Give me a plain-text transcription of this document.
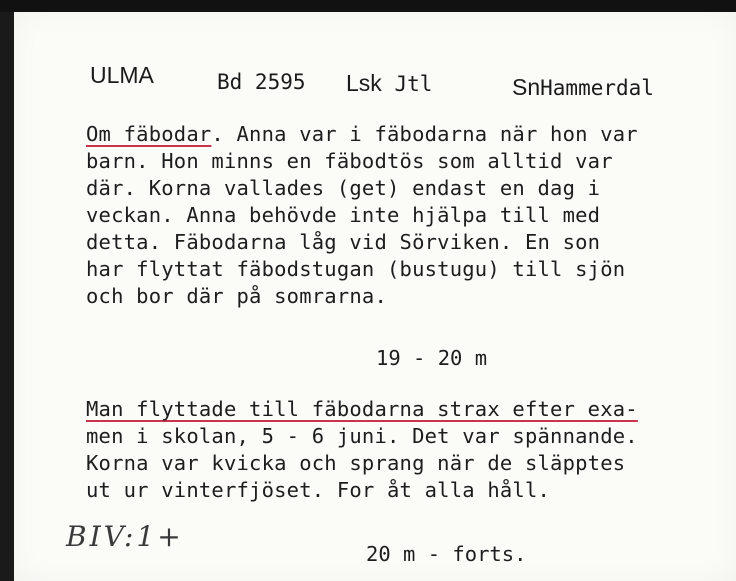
ULMA	Bd 2595 Lsk Jtl	SnHammerdal
Om fäbodar. Anna var i fäbodarna när hon var
barn. Hon minns en fäbodtös som alltid var
där. Korna vallades (get) endast en dag i
veckan. Anna behövde inte hjälpa till med
detta. Fäbodarna låg vid Sörviken. En son
har flyttat fäbodstugan (bustugu) till sjön
och bor där på somrarna.
19 - 20 m
Man flyttade till fäbodarna strax efter exa-
men i skolan, 5 - 6 juni. Det var spännande.
Korna var kvicka och sprang när de släpptes
ut ur vinterfjöset. For åt alla håll.
BIV:1+
20 m - forts.
